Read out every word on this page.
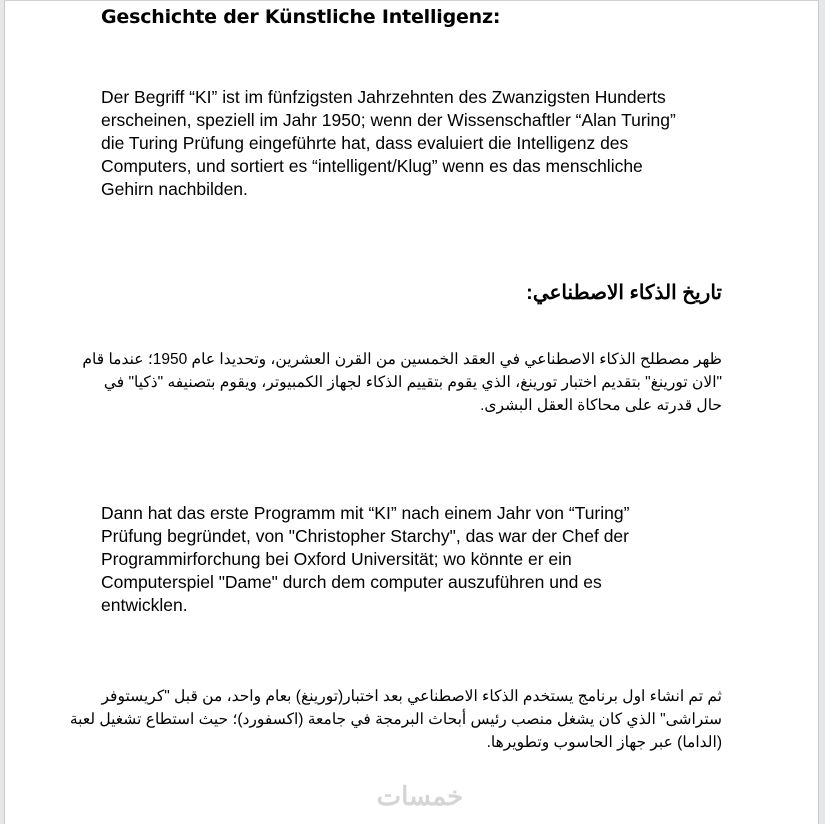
Geschichte der Künstliche Intelligenz:
Der Begriff “KI” ist im fünfzigsten Jahrzehnten des Zwanzigsten Hunderts
erscheinen, speziell im Jahr 1950; wenn der Wissenschaftler “Alan Turing”
die Turing Prüfung eingeführte hat, dass evaluiert die Intelligenz des
Computers, und sortiert es “intelligent/Klug” wenn es das menschliche
Gehirn nachbilden.
تاريخ الذكاء الاصطناعي:
ظهر مصطلح الذكاء الاصطناعي في العقد الخمسين من القرن العشرين، وتحديدا عام 1950؛ عندما قام
"الان تورينغ" بتقديم اختبار تورينغ، الذي يقوم بتقييم الذكاء لجهاز الكمبيوتر، ويقوم بتصنيفه "ذكيا" في
حال قدرته على محاكاة العقل البشرى.
Dann hat das erste Programm mit “KI” nach einem Jahr von “Turing”
Prüfung begründet, von "Christopher Starchy", das war der Chef der
Programmirforchung bei Oxford Universität; wo könnte er ein
Computerspiel "Dame" durch dem computer auszuführen und es
entwicklen.
ثم تم انشاء اول برنامج يستخدم الذكاء الاصطناعي بعد اختبار(تورينغ) بعام واحد، من قبل "كريستوفر
ستراشى" الذي كان يشغل منصب رئيس أبحاث البرمجة في جامعة (اكسفورد)؛ حيث استطاع تشغيل لعبة
(الداما) عبر جهاز الحاسوب وتطويرها.
خمسات
